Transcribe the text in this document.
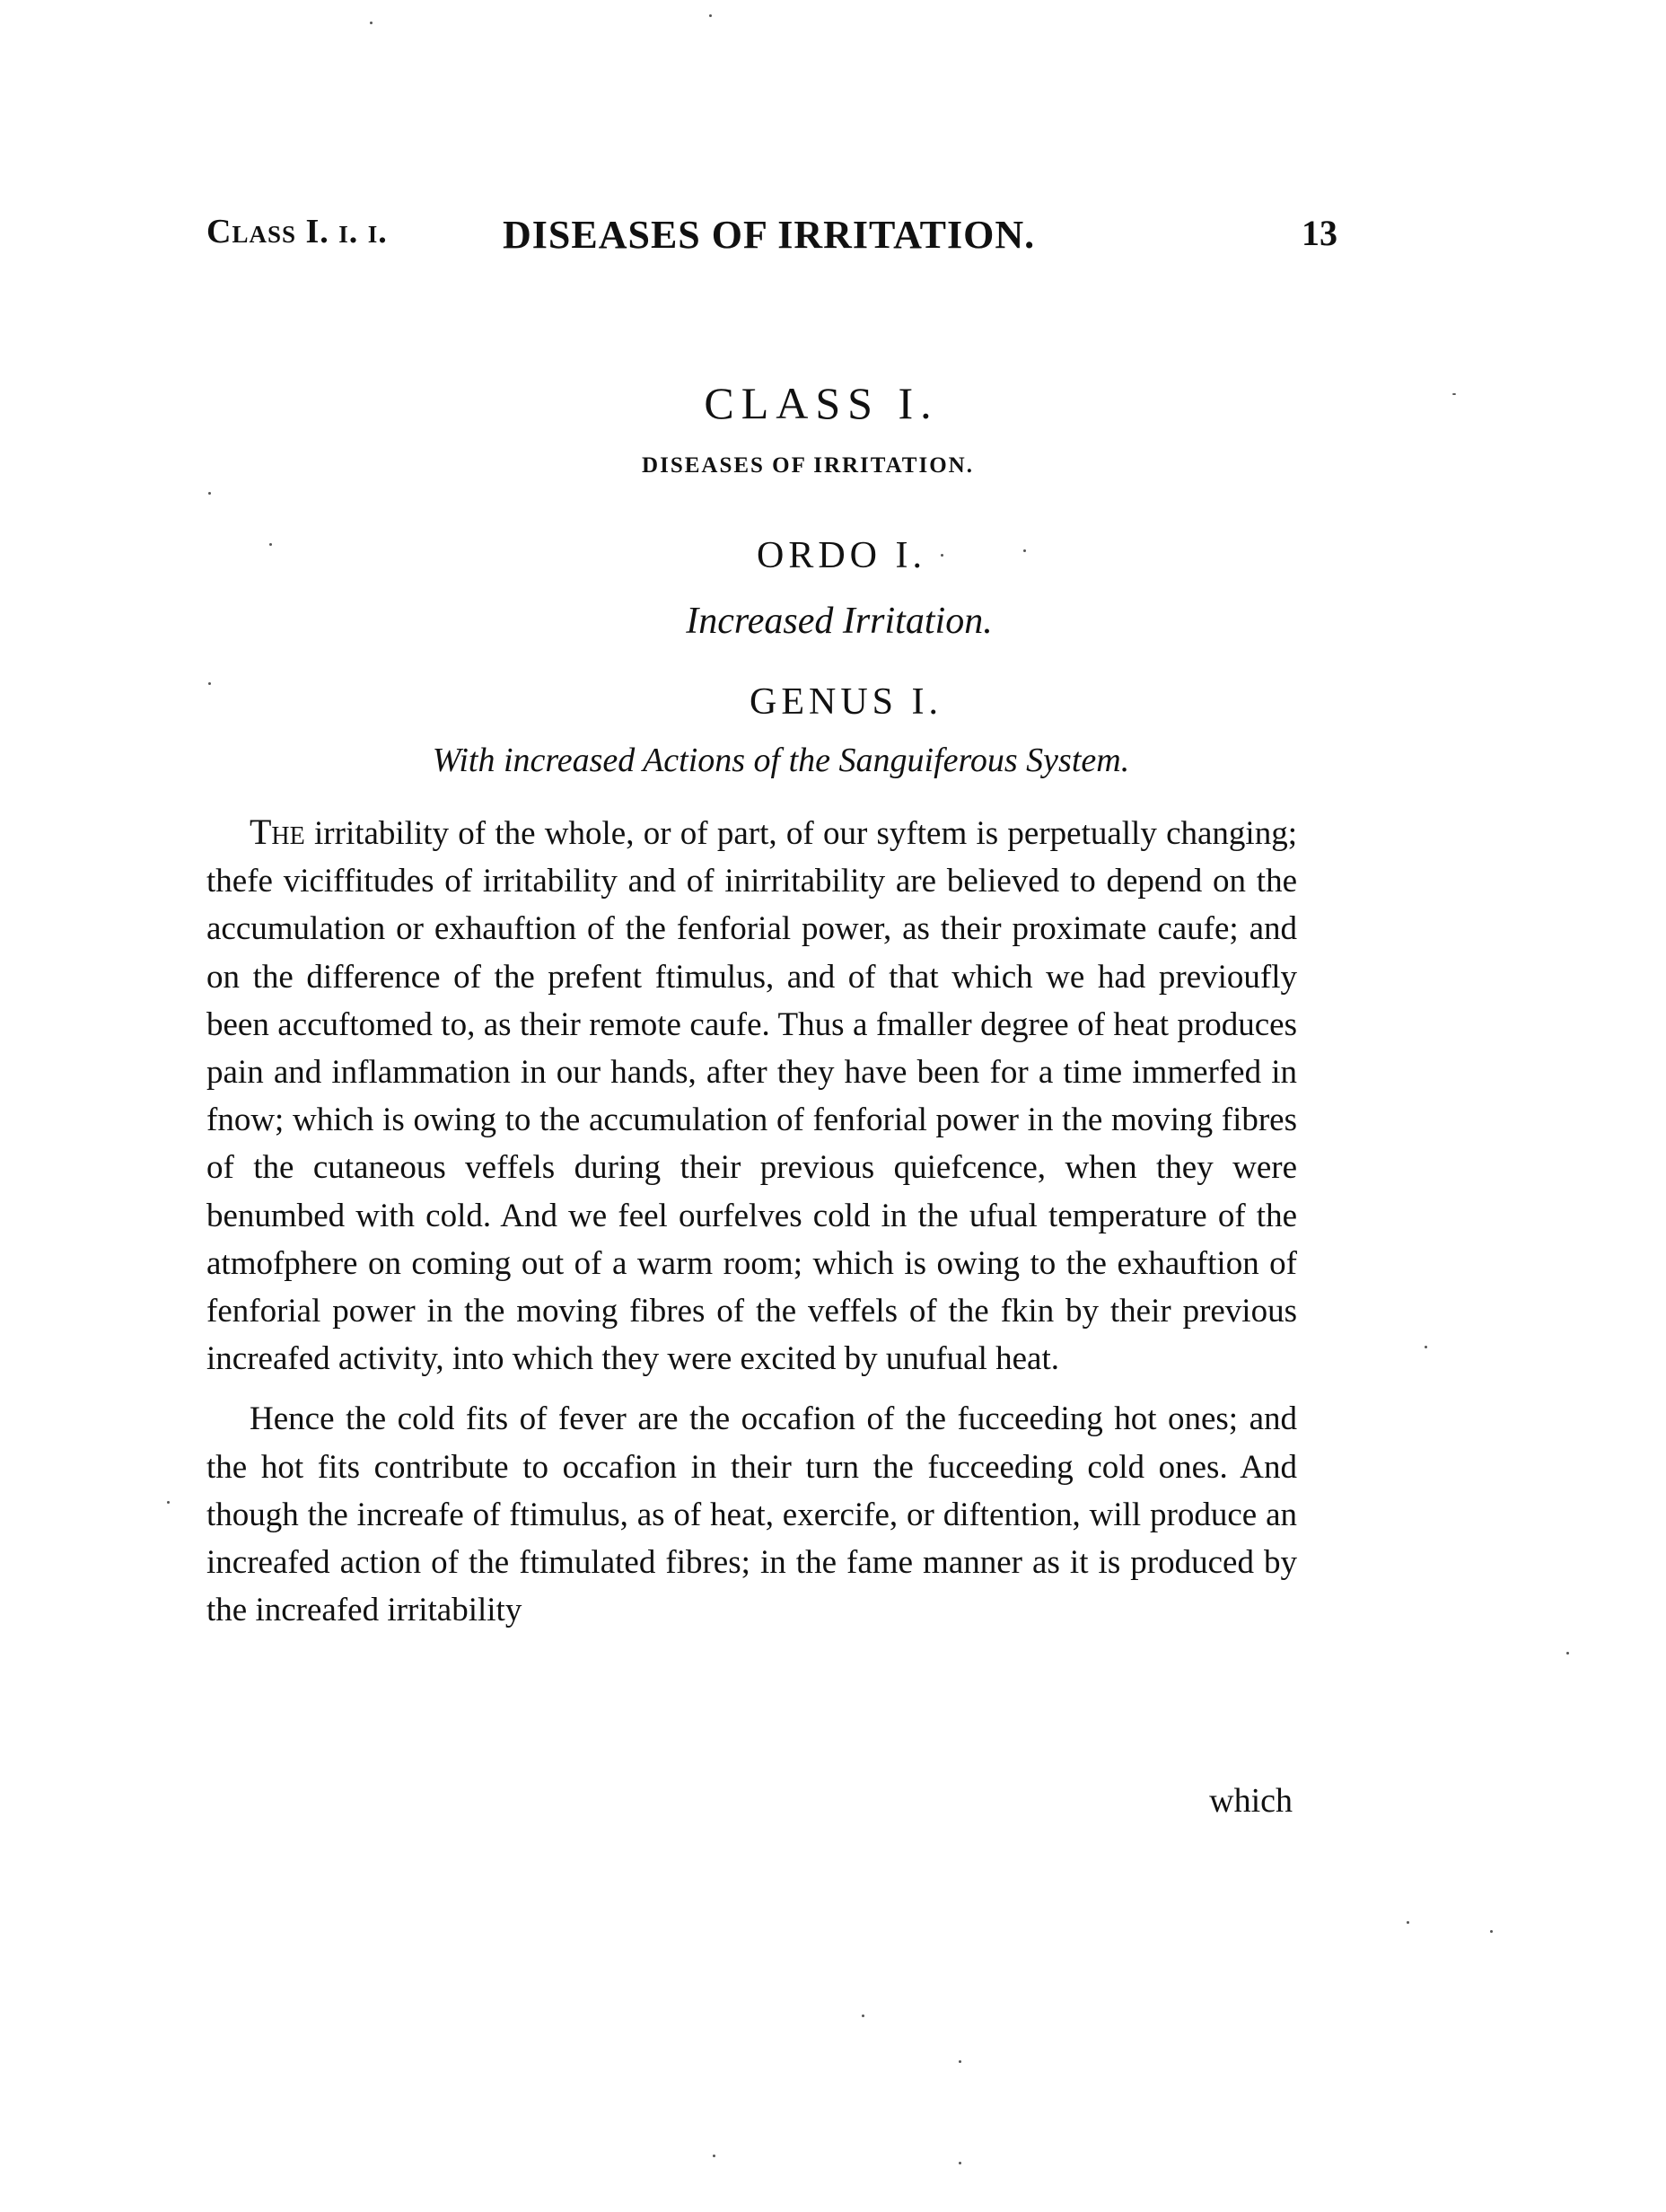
Class I. i. i.	DISEASES OF IRRITATION.	13
CLASS I.
DISEASES OF IRRITATION.
ORDO I.
Increased Irritation.
GENUS I.
With increased Actions of the Sanguiferous System.

The irritability of the whole, or of part, of our syftem is perpetually changing; thefe viciffitudes of irritability and of inirritability are believed to depend on the accumulation or exhauftion of the fenforial power, as their proximate caufe; and on the difference of the prefent ftimulus, and of that which we had previoufly been accuftomed to, as their remote caufe. Thus a fmaller degree of heat produces pain and inflammation in our hands, after they have been for a time immerfed in fnow; which is owing to the accumulation of fenforial power in the moving fibres of the cutaneous veffels during their previous quiefcence, when they were benumbed with cold. And we feel ourfelves cold in the ufual temperature of the atmofphere on coming out of a warm room; which is owing to the exhauftion of fenforial power in the moving fibres of the veffels of the fkin by their previous increafed activity, into which they were excited by unufual heat.

Hence the cold fits of fever are the occafion of the fucceeding hot ones; and the hot fits contribute to occafion in their turn the fucceeding cold ones. And though the increafe of ftimulus, as of heat, exercife, or diftention, will produce an increafed action of the ftimulated fibres; in the fame manner as it is produced by the increafed irritability

which
